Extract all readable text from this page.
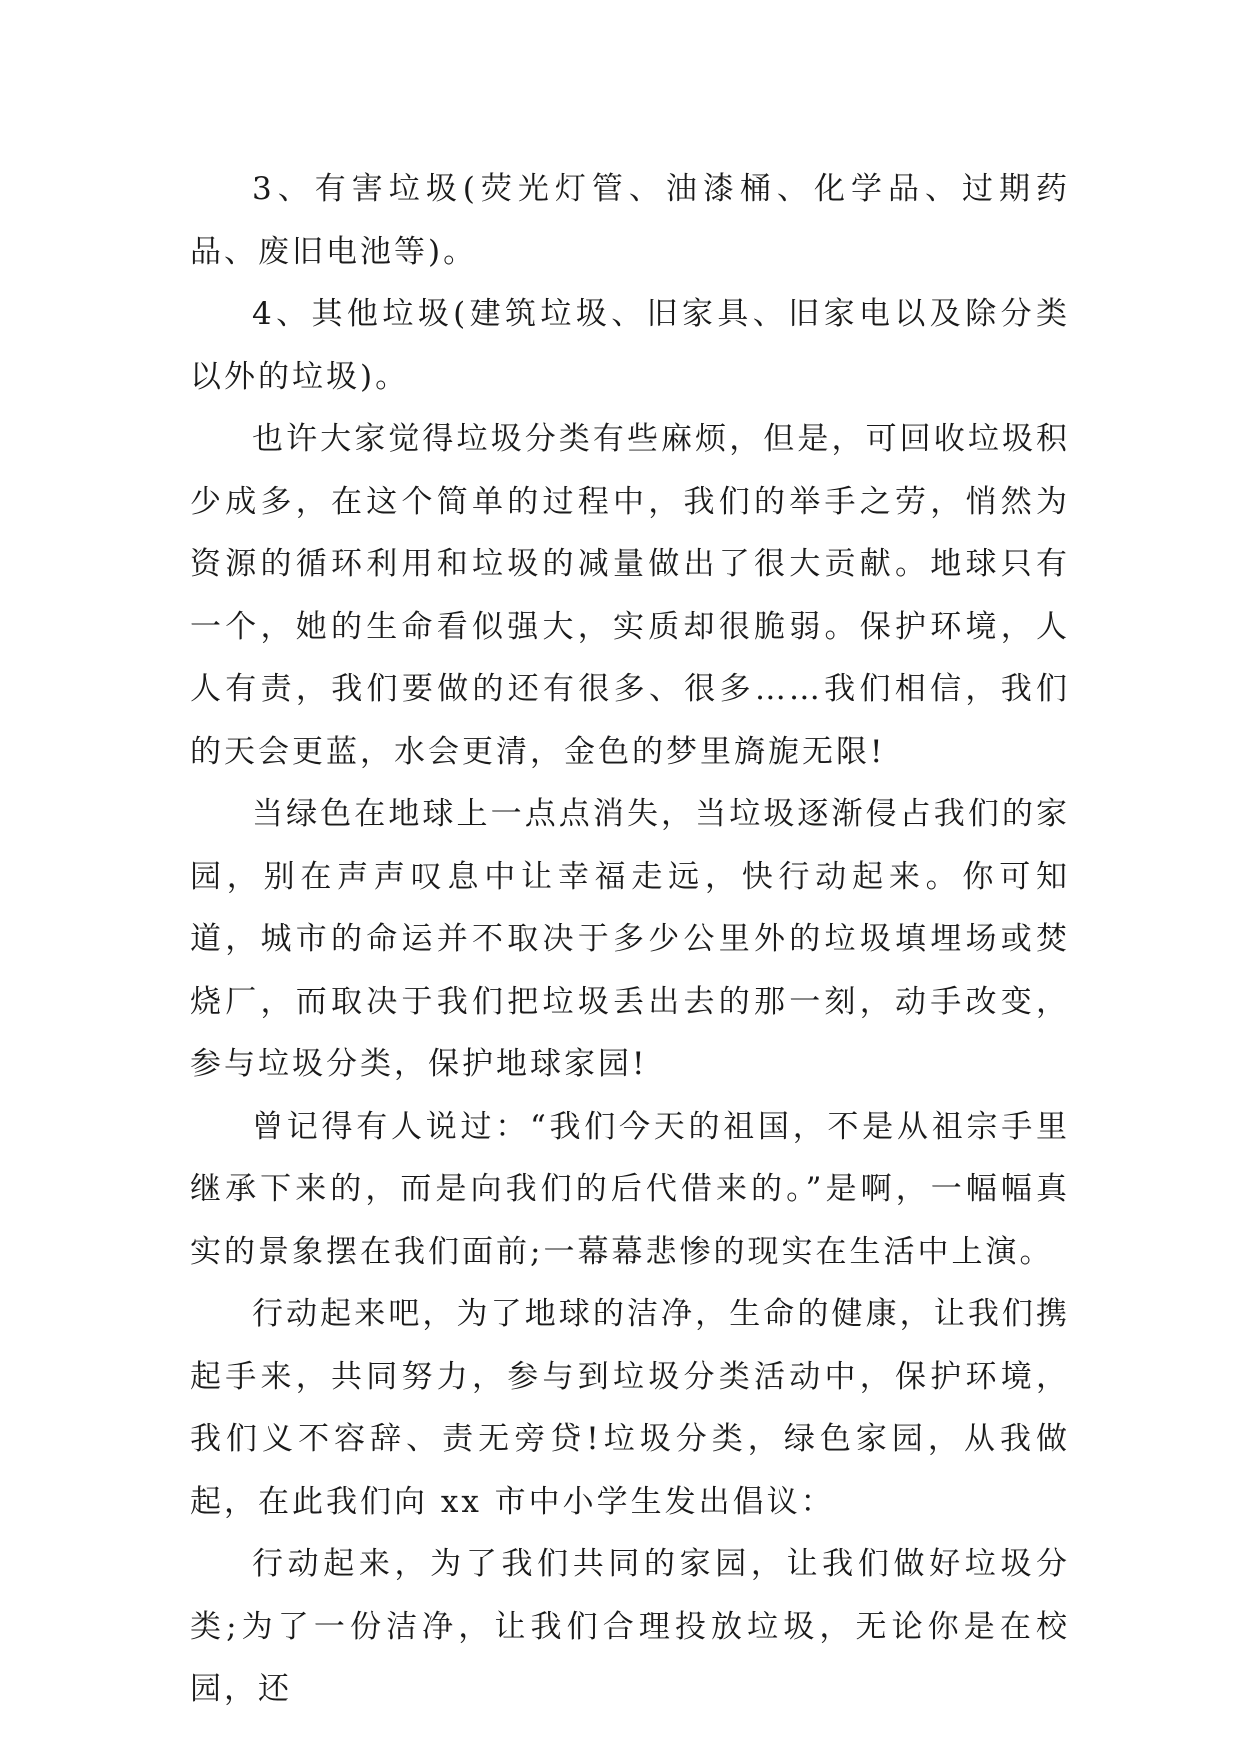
3、有害垃圾(荧光灯管、油漆桶、化学品、过期药品、废旧电池等)。

4、其他垃圾(建筑垃圾、旧家具、旧家电以及除分类以外的垃圾)。

也许大家觉得垃圾分类有些麻烦，但是，可回收垃圾积少成多，在这个简单的过程中，我们的举手之劳，悄然为资源的循环利用和垃圾的减量做出了很大贡献。地球只有一个，她的生命看似强大，实质却很脆弱。保护环境，人人有责，我们要做的还有很多、很多……我们相信，我们的天会更蓝，水会更清，金色的梦里旖旎无限!

当绿色在地球上一点点消失，当垃圾逐渐侵占我们的家园，别在声声叹息中让幸福走远，快行动起来。你可知道，城市的命运并不取决于多少公里外的垃圾填埋场或焚烧厂，而取决于我们把垃圾丢出去的那一刻，动手改变，参与垃圾分类，保护地球家园!

曾记得有人说过：“我们今天的祖国，不是从祖宗手里继承下来的，而是向我们的后代借来的。”是啊，一幅幅真实的景象摆在我们面前;一幕幕悲惨的现实在生活中上演。

行动起来吧，为了地球的洁净，生命的健康，让我们携起手来，共同努力，参与到垃圾分类活动中，保护环境，我们义不容辞、责无旁贷!垃圾分类，绿色家园，从我做起，在此我们向 xx 市中小学生发出倡议：

行动起来，为了我们共同的家园，让我们做好垃圾分类;为了一份洁净，让我们合理投放垃圾，无论你是在校园，还
